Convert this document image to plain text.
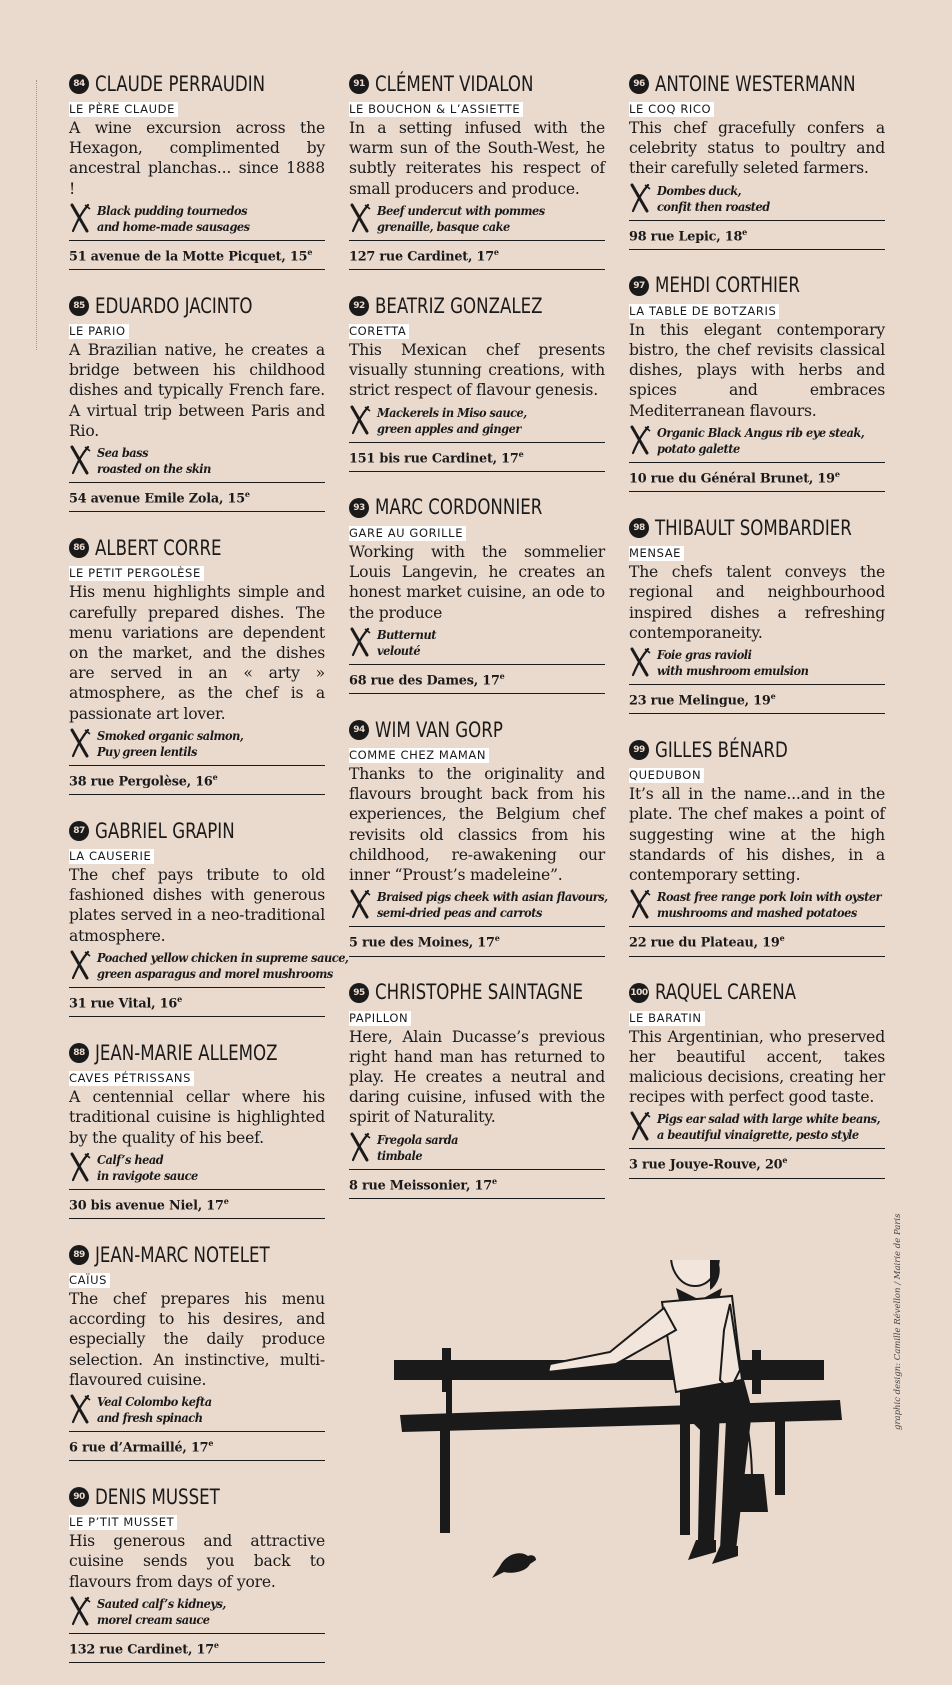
84 CLAUDE PERRAUDIN
LE PÈRE CLAUDE

A wine excursion across the Hexagon, complimented by ancestral planchas... since 1888 !

Black pudding tournedos
and home-made sausages
51 avenue de la Motte Picquet, 15e
85 EDUARDO JACINTO
LE PARIO

A Brazilian native, he creates a bridge between his childhood dishes and typically French fare. A virtual trip between Paris and Rio.

Sea bass
roasted on the skin
54 avenue Emile Zola, 15e
86 ALBERT CORRE
LE PETIT PERGOLÈSE

His menu highlights simple and carefully prepared dishes. The menu variations are dependent on the market, and the dishes are served in an « arty » atmosphere, as the chef is a passionate art lover.

Smoked organic salmon,
Puy green lentils
38 rue Pergolèse, 16e
87 GABRIEL GRAPIN
LA CAUSERIE

The chef pays tribute to old fashioned dishes with generous plates served in a neo-traditional atmosphere.

Poached yellow chicken in supreme sauce,
green asparagus and morel mushrooms
31 rue Vital, 16e
88 JEAN-MARIE ALLEMOZ
CAVES PÉTRISSANS

A centennial cellar where his traditional cuisine is highlighted by the quality of his beef.

Calf’s head
in ravigote sauce
30 bis avenue Niel, 17e
89 JEAN-MARC NOTELET
CAÏUS

The chef prepares his menu according to his desires, and especially the daily produce selection. An instinctive, multi-flavoured cuisine.

Veal Colombo kefta
and fresh spinach
6 rue d’Armaillé, 17e
90 DENIS MUSSET
LE P’TIT MUSSET

His generous and attractive cuisine sends you back to flavours from days of yore.

Sauted calf’s kidneys,
morel cream sauce
132 rue Cardinet, 17e
91 CLÉMENT VIDALON
LE BOUCHON & L’ASSIETTE

In a setting infused with the warm sun of the South-West, he subtly reiterates his respect of small producers and produce.

Beef undercut with pommes
grenaille, basque cake
127 rue Cardinet, 17e
92 BEATRIZ GONZALEZ
CORETTA

This Mexican chef presents visually stunning creations, with strict respect of flavour genesis.

Mackerels in Miso sauce,
green apples and ginger
151 bis rue Cardinet, 17e
93 MARC CORDONNIER
GARE AU GORILLE

Working with the sommelier Louis Langevin, he creates an honest market cuisine, an ode to the produce

Butternut
velouté
68 rue des Dames, 17e
94 WIM VAN GORP
COMME CHEZ MAMAN

Thanks to the originality and flavours brought back from his experiences, the Belgium chef revisits old classics from his childhood, re-awakening our inner “Proust’s madeleine”.

Braised pigs cheek with asian flavours,
semi-dried peas and carrots
5 rue des Moines, 17e
95 CHRISTOPHE SAINTAGNE
PAPILLON

Here, Alain Ducasse’s previous right hand man has returned to play. He creates a neutral and daring cuisine, infused with the spirit of Naturality.

Fregola sarda
timbale
8 rue Meissonier, 17e
96 ANTOINE WESTERMANN
LE COQ RICO

This chef gracefully confers a celebrity status to poultry and their carefully seleted farmers.

Dombes duck,
confit then roasted
98 rue Lepic, 18e
97 MEHDI CORTHIER
LA TABLE DE BOTZARIS

In this elegant contemporary bistro, the chef revisits classical dishes, plays with herbs and spices and embraces Mediterranean flavours.

Organic Black Angus rib eye steak,
potato galette
10 rue du Général Brunet, 19e
98 THIBAULT SOMBARDIER
MENSAE

The chefs talent conveys the regional and neighbourhood inspired dishes a refreshing contemporaneity.

Foie gras ravioli
with mushroom emulsion
23 rue Melingue, 19e
99 GILLES BÉNARD
QUEDUBON

It’s all in the name...and in the plate. The chef makes a point of suggesting wine at the high standards of his dishes, in a contemporary setting.

Roast free range pork loin with oyster
mushrooms and mashed potatoes
22 rue du Plateau, 19e
100 RAQUEL CARENA
LE BARATIN

This Argentinian, who preserved her beautiful accent, takes malicious decisions, creating her recipes with perfect good taste.

Pigs ear salad with large white beans,
a beautiful vinaigrette, pesto style
3 rue Jouye-Rouve, 20e
graphic design: Camille Révellon / Mairie de Paris
